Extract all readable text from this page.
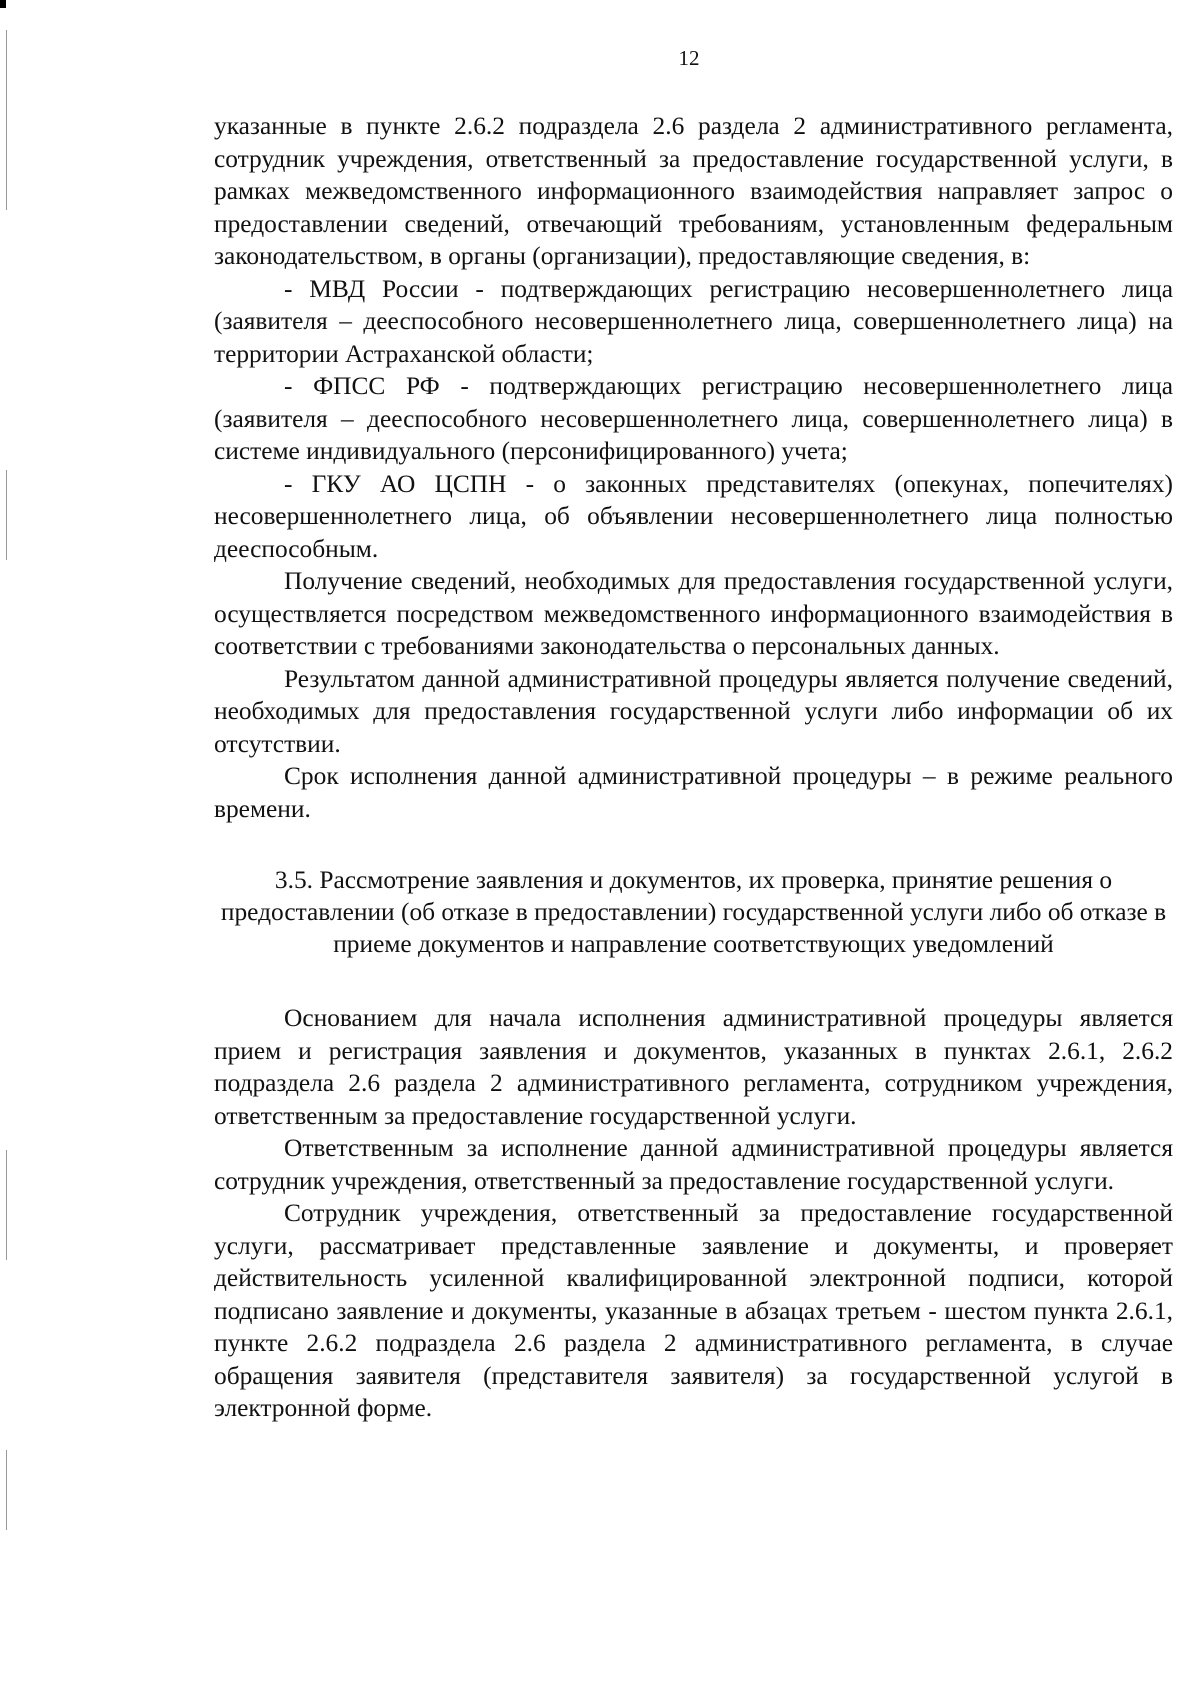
12

указанные в пункте 2.6.2 подраздела 2.6 раздела 2 административного регламента, сотрудник учреждения, ответственный за предоставление государственной услуги, в рамках межведомственного информационного взаимодействия направляет запрос о предоставлении сведений, отвечающий требованиям, установленным федеральным законодательством, в органы (организации), предоставляющие сведения, в:

- МВД России - подтверждающих регистрацию несовершеннолетнего лица (заявителя – дееспособного несовершеннолетнего лица, совершеннолетнего лица) на территории Астраханской области;

- ФПСС РФ - подтверждающих регистрацию несовершеннолетнего лица (заявителя – дееспособного несовершеннолетнего лица, совершеннолетнего лица) в системе индивидуального (персонифицированного) учета;

- ГКУ АО ЦСПН - о законных представителях (опекунах, попечителях) несовершеннолетнего лица, об объявлении несовершеннолетнего лица полностью дееспособным.

Получение сведений, необходимых для предоставления государственной услуги, осуществляется посредством межведомственного информационного взаимодействия в соответствии с требованиями законодательства о персональных данных.

Результатом данной административной процедуры является получение сведений, необходимых для предоставления государственной услуги либо информации об их отсутствии.

Срок исполнения данной административной процедуры – в режиме реального времени.

3.5. Рассмотрение заявления и документов, их проверка, принятие решения о предоставлении (об отказе в предоставлении) государственной услуги либо об отказе в приеме документов и направление соответствующих уведомлений

Основанием для начала исполнения административной процедуры является прием и регистрация заявления и документов, указанных в пунктах 2.6.1, 2.6.2 подраздела 2.6 раздела 2 административного регламента, сотрудником учреждения, ответственным за предоставление государственной услуги.

Ответственным за исполнение данной административной процедуры является сотрудник учреждения, ответственный за предоставление государственной услуги.

Сотрудник учреждения, ответственный за предоставление государственной услуги, рассматривает представленные заявление и документы, и проверяет действительность усиленной квалифицированной электронной подписи, которой подписано заявление и документы, указанные в абзацах третьем - шестом пункта 2.6.1, пункте 2.6.2 подраздела 2.6 раздела 2 административного регламента, в случае обращения заявителя (представителя заявителя) за государственной услугой в электронной форме.
